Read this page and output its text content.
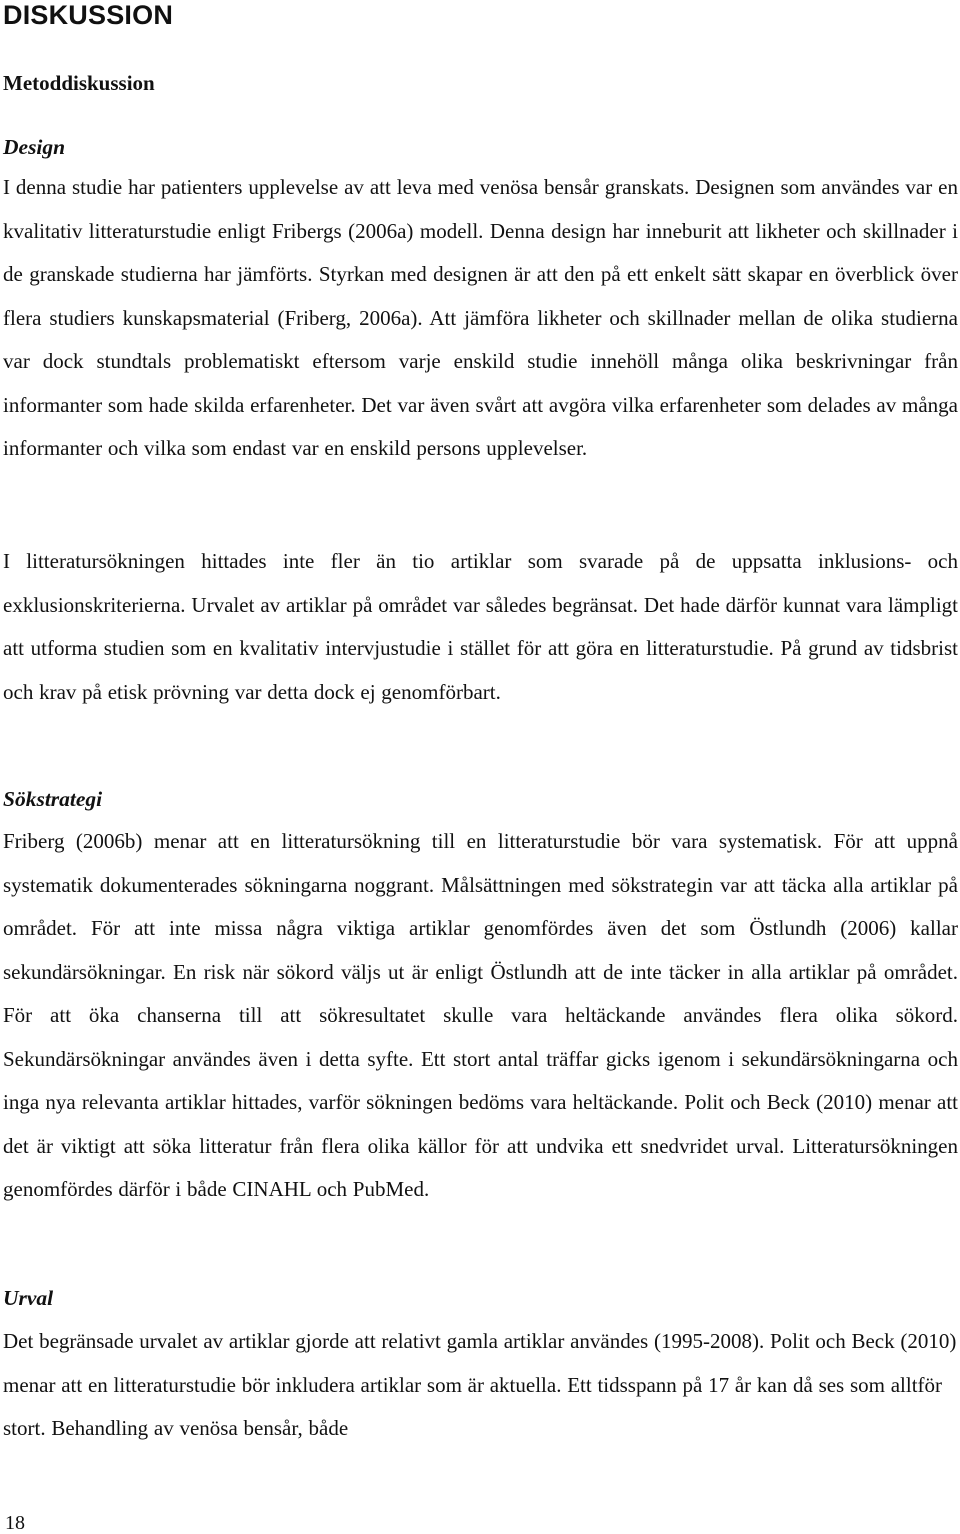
DISKUSSION
Metoddiskussion
Design

I denna studie har patienters upplevelse av att leva med venösa bensår granskats. Designen som användes var en kvalitativ litteraturstudie enligt Fribergs (2006a) modell. Denna design har inneburit att likheter och skillnader i de granskade studierna har jämförts. Styrkan med designen är att den på ett enkelt sätt skapar en överblick över flera studiers kunskapsmaterial (Friberg, 2006a). Att jämföra likheter och skillnader mellan de olika studierna var dock stundtals problematiskt eftersom varje enskild studie innehöll många olika beskrivningar från informanter som hade skilda erfarenheter. Det var även svårt att avgöra vilka erfarenheter som delades av många informanter och vilka som endast var en enskild persons upplevelser.

I litteratursökningen hittades inte fler än tio artiklar som svarade på de uppsatta inklusions- och exklusionskriterierna. Urvalet av artiklar på området var således begränsat. Det hade därför kunnat vara lämpligt att utforma studien som en kvalitativ intervjustudie i stället för att göra en litteraturstudie. På grund av tidsbrist och krav på etisk prövning var detta dock ej genomförbart.

Sökstrategi

Friberg (2006b) menar att en litteratursökning till en litteraturstudie bör vara systematisk. För att uppnå systematik dokumenterades sökningarna noggrant. Målsättningen med sökstrategin var att täcka alla artiklar på området. För att inte missa några viktiga artiklar genomfördes även det som Östlundh (2006) kallar sekundärsökningar. En risk när sökord väljs ut är enligt Östlundh att de inte täcker in alla artiklar på området. För att öka chanserna till att sökresultatet skulle vara heltäckande användes flera olika sökord. Sekundärsökningar användes även i detta syfte. Ett stort antal träffar gicks igenom i sekundärsökningarna och inga nya relevanta artiklar hittades, varför sökningen bedöms vara heltäckande. Polit och Beck (2010) menar att det är viktigt att söka litteratur från flera olika källor för att undvika ett snedvridet urval. Litteratursökningen genomfördes därför i både CINAHL och PubMed.

Urval

Det begränsade urvalet av artiklar gjorde att relativt gamla artiklar användes (1995-2008). Polit och Beck (2010) menar att en litteraturstudie bör inkludera artiklar som är aktuella. Ett tidsspann på 17 år kan då ses som alltför stort. Behandling av venösa bensår, både

18
